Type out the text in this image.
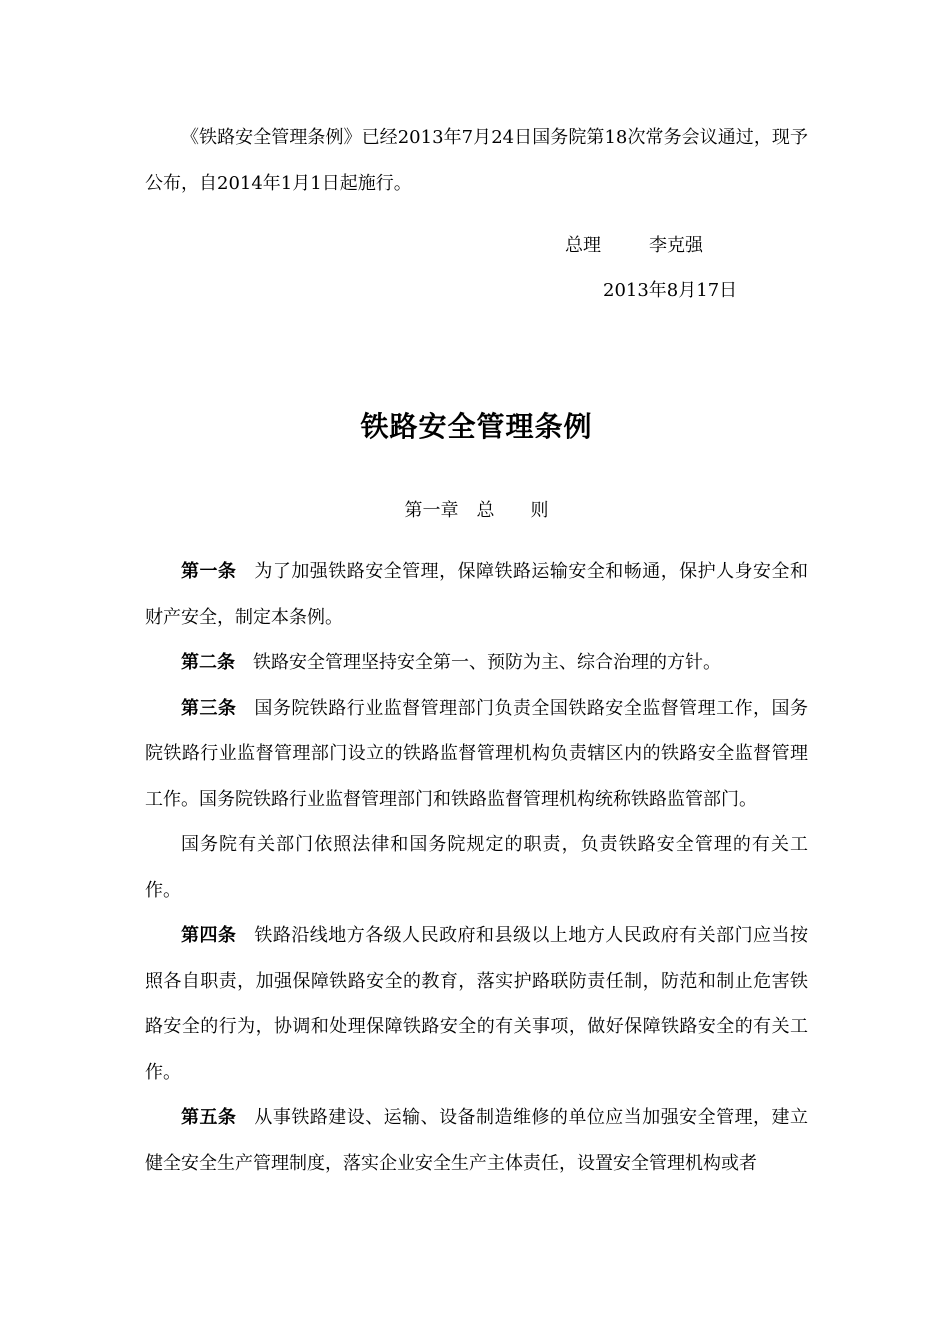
《铁路安全管理条例》已经2013年7月24日国务院第18次常务会议通过，现予公布，自2014年1月1日起施行。

总理	李克强
2013年8月17日
铁路安全管理条例
第一章　总　　则

第一条 为了加强铁路安全管理，保障铁路运输安全和畅通，保护人身安全和财产安全，制定本条例。

第二条 铁路安全管理坚持安全第一、预防为主、综合治理的方针。

第三条 国务院铁路行业监督管理部门负责全国铁路安全监督管理工作，国务院铁路行业监督管理部门设立的铁路监督管理机构负责辖区内的铁路安全监督管理工作。国务院铁路行业监督管理部门和铁路监督管理机构统称铁路监管部门。

国务院有关部门依照法律和国务院规定的职责，负责铁路安全管理的有关工作。

第四条 铁路沿线地方各级人民政府和县级以上地方人民政府有关部门应当按照各自职责，加强保障铁路安全的教育，落实护路联防责任制，防范和制止危害铁路安全的行为，协调和处理保障铁路安全的有关事项，做好保障铁路安全的有关工作。

第五条 从事铁路建设、运输、设备制造维修的单位应当加强安全管理，建立健全安全生产管理制度，落实企业安全生产主体责任，设置安全管理机构或者
